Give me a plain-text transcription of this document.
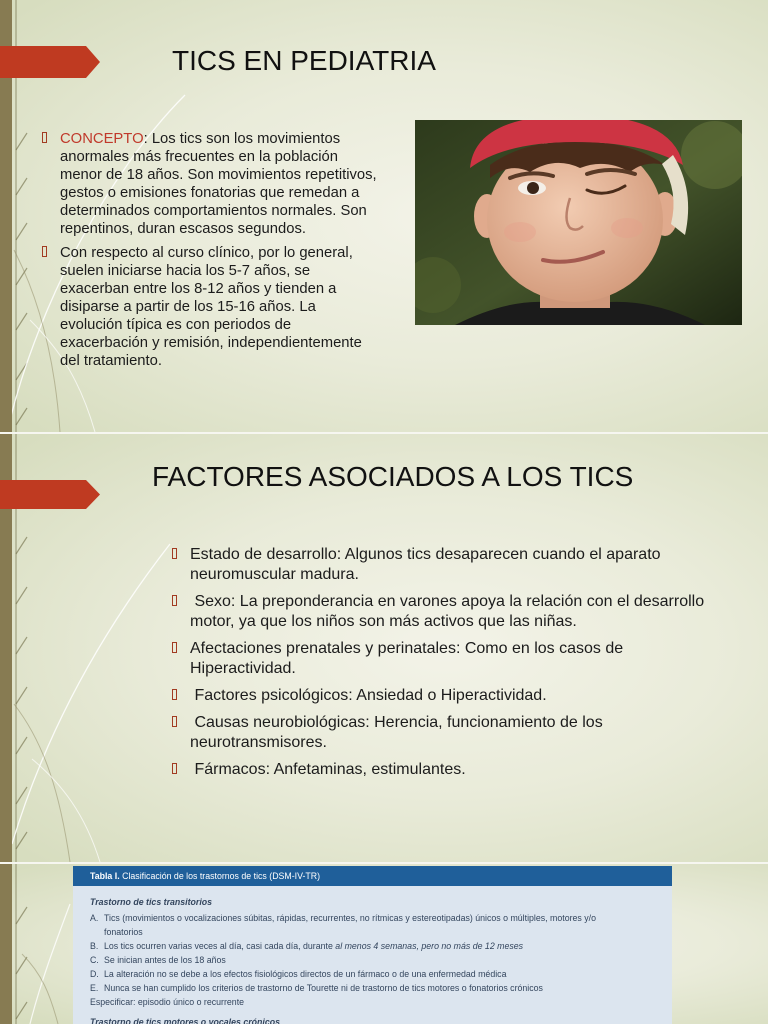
TICS EN PEDIATRIA
CONCEPTO: Los tics son los movimientos
anormales más frecuentes en la población
menor de 18 años. Son movimientos repetitivos,
gestos o emisiones fonatorias que remedan a
determinados comportamientos normales. Son
repentinos, duran escasos segundos.
Con respecto al curso clínico, por lo general,
suelen iniciarse hacia los 5-7 años, se
exacerban entre los 8-12 años y tienden a
disiparse a partir de los 15-16 años. La
evolución típica es con periodos de
exacerbación y remisión, independientemente
del tratamiento.
FACTORES ASOCIADOS A LOS TICS
Estado de desarrollo: Algunos tics desaparecen cuando el aparato
neuromuscular madura.
Sexo: La preponderancia en varones apoya la relación con el desarrollo
motor, ya que los niños son más activos que las niñas.
Afectaciones prenatales y perinatales: Como en los casos de
Hiperactividad.
Factores psicológicos: Ansiedad o Hiperactividad.
Causas neurobiológicas: Herencia, funcionamiento de los
neurotransmisores.
Fármacos: Anfetaminas, estimulantes.
Tabla I. Clasificación de los trastornos de tics (DSM-IV-TR)
Trastorno de tics transitorios
A. Tics (movimientos o vocalizaciones súbitas, rápidas, recurrentes, no rítmicas y estereotipadas) únicos o múltiples, motores y/o
fonatorios
B. Los tics ocurren varias veces al día, casi cada día, durante al menos 4 semanas, pero no más de 12 meses
C. Se inician antes de los 18 años
D. La alteración no se debe a los efectos fisiológicos directos de un fármaco o de una enfermedad médica
E. Nunca se han cumplido los criterios de trastorno de Tourette ni de trastorno de tics motores o fonatorios crónicos
Especificar: episodio único o recurrente
Trastorno de tics motores o vocales crónicos
